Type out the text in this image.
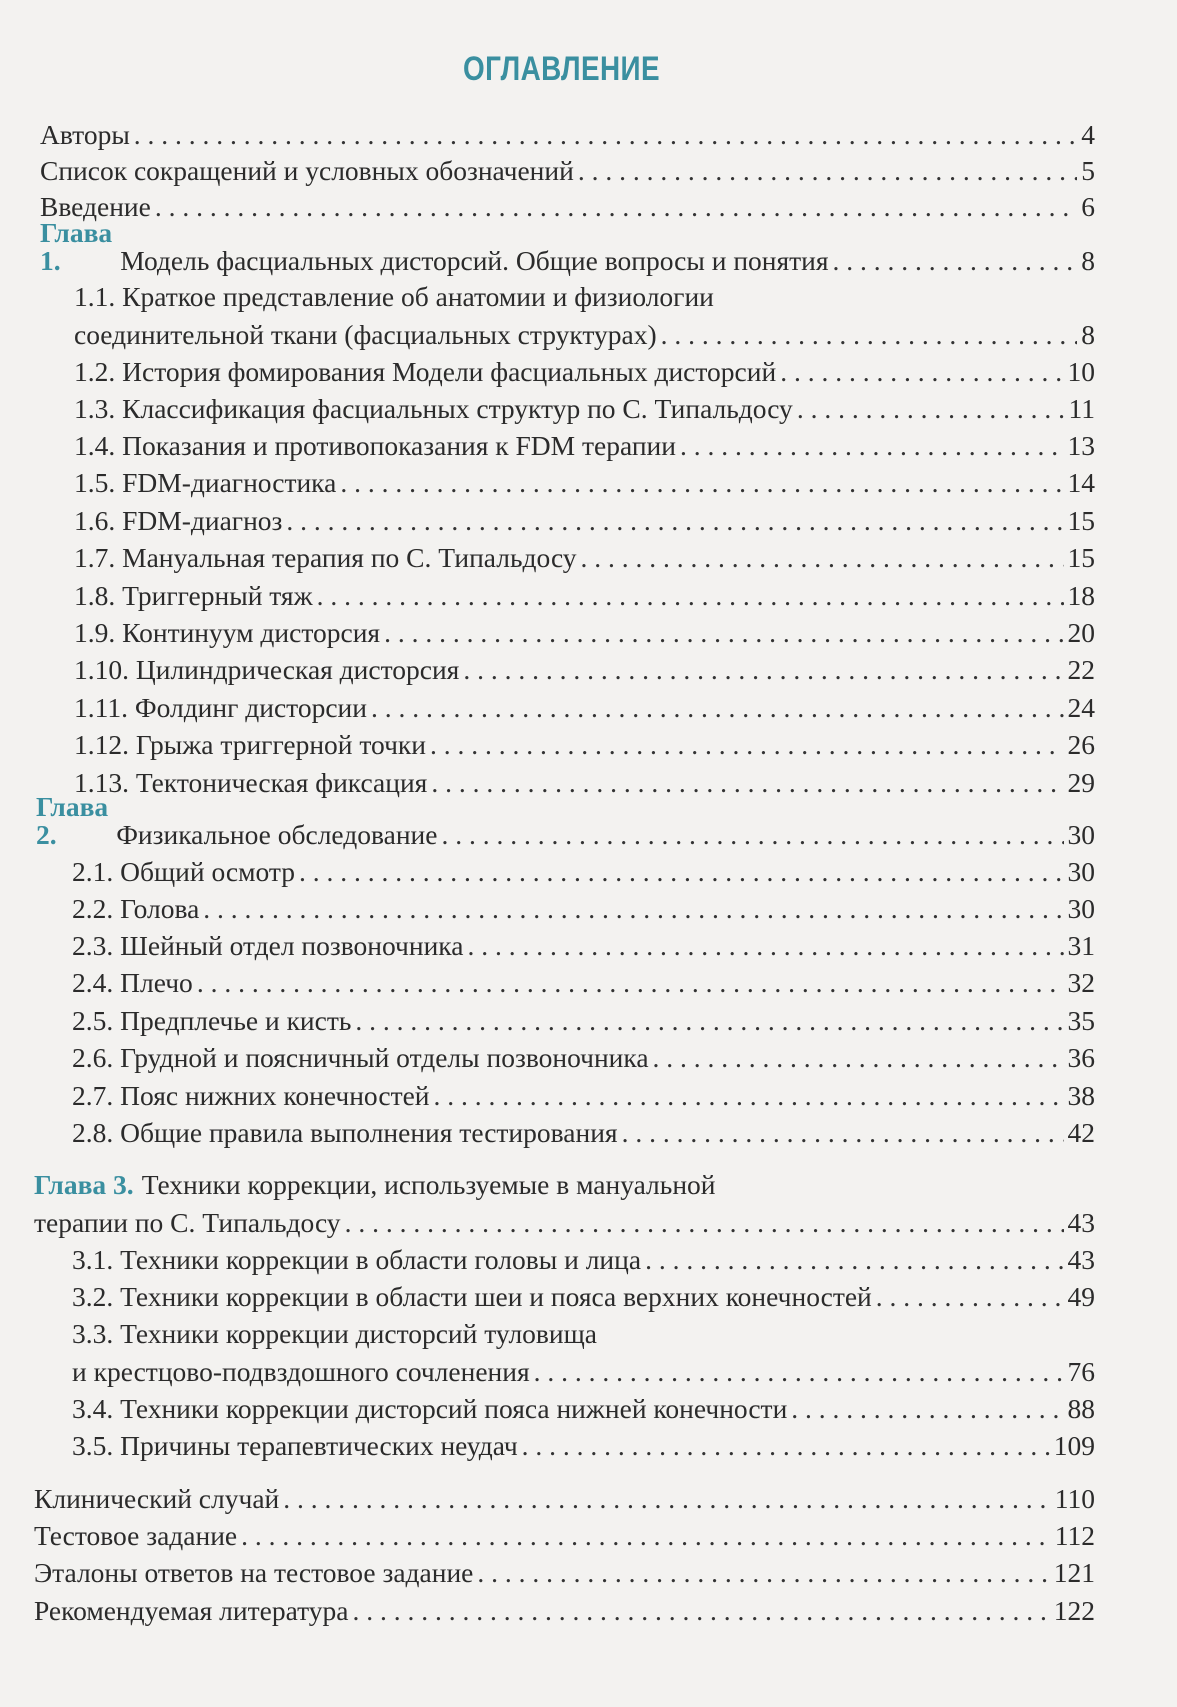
ОГЛАВЛЕНИЕ
Авторы . . .	4
Список сокращений и условных обозначений . . .	5
Введение . . .	6
Глава 1.	Модель фасциальных дисторсий. Общие вопросы и понятия . . .	8
1.1. Краткое представление об анатомии и физиологии
соединительной ткани (фасциальных структурах) . . .	8
1.2. История фомирования Модели фасциальных дисторсий . . .	10
1.3. Классификация фасциальных структур по С. Типальдосу . . .	11
1.4. Показания и противопоказания к FDM терапии . . .	13
1.5. FDM-диагностика . . .	14
1.6. FDM-диагноз . . .	15
1.7. Мануальная терапия по С. Типальдосу . . .	15
1.8. Триггерный тяж . . .	18
1.9. Континуум дисторсия . . .	20
1.10. Цилиндрическая дисторсия . . .	22
1.11. Фолдинг дисторсии . . .	24
1.12. Грыжа триггерной точки . . .	26
1.13. Тектоническая фиксация . . .	29
Глава 2.	Физикальное обследование . . .	30
2.1. Общий осмотр . . .	30
2.2. Голова . . .	30
2.3. Шейный отдел позвоночника . . .	31
2.4. Плечо . . .	32
2.5. Предплечье и кисть . . .	35
2.6. Грудной и поясничный отделы позвоночника . . .	36
2.7. Пояс нижних конечностей . . .	38
2.8. Общие правила выполнения тестирования . . .	42
Глава 3. Техники коррекции, используемые в мануальной
терапии по С. Типальдосу . . .	43
3.1. Техники коррекции в области головы и лица . . .	43
3.2. Техники коррекции в области шеи и пояса верхних конечностей . . .	49
3.3. Техники коррекции дисторсий туловища
и крестцово-подвздошного сочленения . . .	76
3.4. Техники коррекции дисторсий пояса нижней конечности . . .	88
3.5. Причины терапевтических неудач . . .	109
Клинический случай . . .	110
Тестовое задание . . .	112
Эталоны ответов на тестовое задание . . .	121
Рекомендуемая литература . . .	122
